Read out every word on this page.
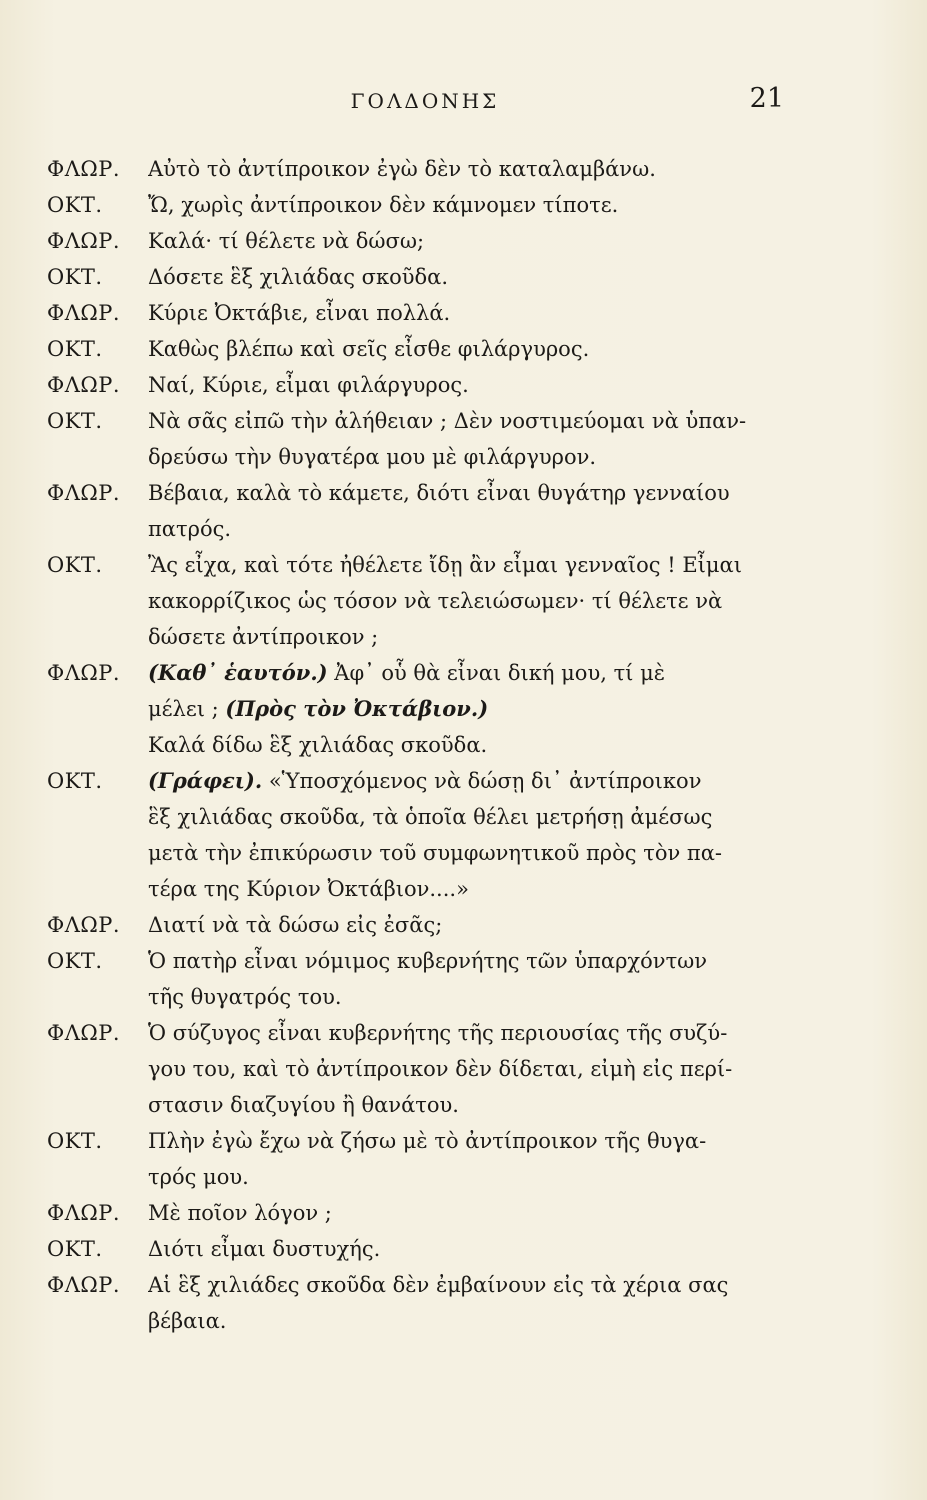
ΓΟΛΔΟΝΗΣ	21
ΦΛΩΡ.	Αὐτὸ τὸ ἀντίπροικον ἐγὼ δὲν τὸ καταλαμβάνω.
ΟΚΤ.	Ὤ, χωρὶς ἀντίπροικον δὲν κάμνομεν τίποτε.
ΦΛΩΡ.	Καλά· τί θέλετε νὰ δώσω;
ΟΚΤ.	Δόσετε ἓξ χιλιάδας σκοῦδα.
ΦΛΩΡ.	Κύριε Ὀκτάβιε, εἶναι πολλά.
ΟΚΤ.	Καθὼς βλέπω καὶ σεῖς εἶσθε φιλάργυρος.
ΦΛΩΡ.	Ναί, Κύριε, εἶμαι φιλάργυρος.
ΟΚΤ.	Νὰ σᾶς εἰπῶ τὴν ἀλήθειαν ; Δὲν νοστιμεύομαι νὰ ὑπαν-
δρεύσω τὴν θυγατέρα μου μὲ φιλάργυρον.
ΦΛΩΡ.	Βέβαια, καλὰ τὸ κάμετε, διότι εἶναι θυγάτηρ γενναίου
πατρός.
ΟΚΤ.	Ἂς εἶχα, καὶ τότε ἠθέλετε ἴδῃ ἂν εἶμαι γενναῖος ! Εἶμαι
κακορρίζικος ὡς τόσον νὰ τελειώσωμεν· τί θέλετε νὰ
δώσετε ἀντίπροικον ;
ΦΛΩΡ.	(Καθ᾽ ἑαυτόν.) Ἀφ᾽ οὗ θὰ εἶναι δική μου, τί μὲ
μέλει ; (Πρὸς τὸν Ὀκτάβιον.)
Καλά δίδω ἓξ χιλιάδας σκοῦδα.
ΟΚΤ.	(Γράφει). «Ὑποσχόμενος νὰ δώσῃ δι᾽ ἀντίπροικον
ἓξ χιλιάδας σκοῦδα, τὰ ὁποῖα θέλει μετρήσῃ ἀμέσως
μετὰ τὴν ἐπικύρωσιν τοῦ συμφωνητικοῦ πρὸς τὸν πα-
τέρα της Κύριον Ὀκτάβιον....»
ΦΛΩΡ.	Διατί νὰ τὰ δώσω εἰς ἐσᾶς;
ΟΚΤ.	Ὁ πατὴρ εἶναι νόμιμος κυβερνήτης τῶν ὑπαρχόντων
τῆς θυγατρός του.
ΦΛΩΡ.	Ὁ σύζυγος εἶναι κυβερνήτης τῆς περιουσίας τῆς συζύ-
γου του, καὶ τὸ ἀντίπροικον δὲν δίδεται, εἰμὴ εἰς περί-
στασιν διαζυγίου ἢ θανάτου.
ΟΚΤ.	Πλὴν ἐγὼ ἔχω νὰ ζήσω μὲ τὸ ἀντίπροικον τῆς θυγα-
τρός μου.
ΦΛΩΡ.	Μὲ ποῖον λόγον ;
ΟΚΤ.	Διότι εἶμαι δυστυχής.
ΦΛΩΡ.	Αἱ ἓξ χιλιάδες σκοῦδα δὲν ἐμβαίνουν εἰς τὰ χέρια σας
βέβαια.
